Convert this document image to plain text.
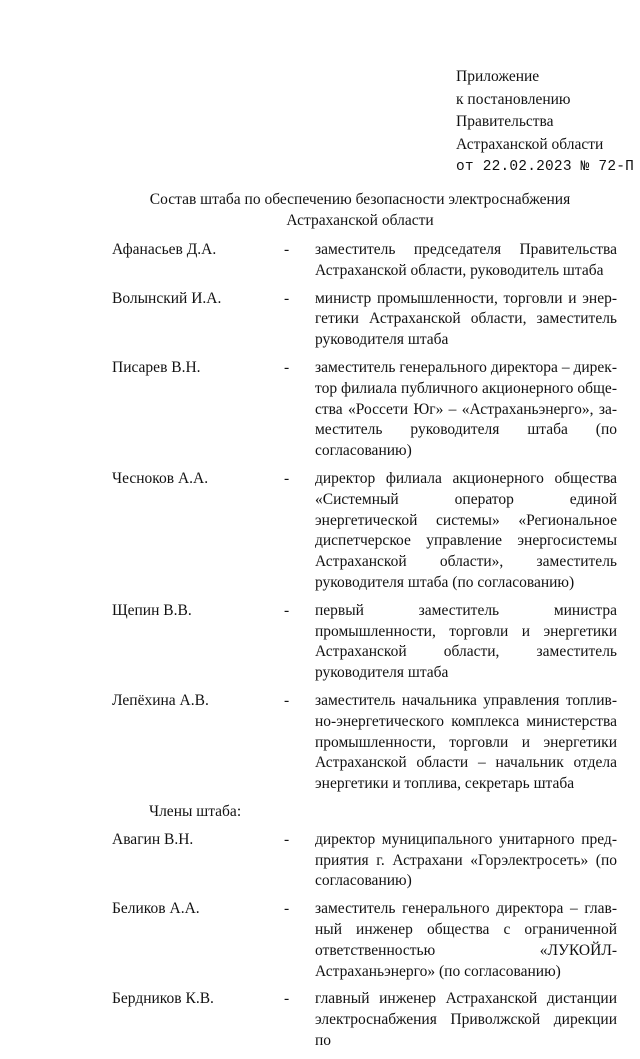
Приложение
к постановлению
Правительства
Астраханской области
от 22.02.2023 № 72-П
Состав штаба по обеспечению безопасности электроснабжения
Астраханской области
Афанасьев Д.А.	-	заместитель председателя Правительства Астраханской области, руководитель штаба
Волынский И.А.	-	министр промышленности, торговли и энергетики Астраханской области, заместитель руководителя штаба
Писарев В.Н.	-	заместитель генерального директора – директор филиала публичного акционерного общества «Россети Юг» – «Астраханьэнерго», заместитель руководителя штаба (по согласованию)
Чесноков А.А.	-	директор филиала акционерного общества «Системный оператор единой энергетической системы» «Региональное диспетчерское управление энергосистемы Астраханской области», заместитель руководителя штаба (по согласованию)
Щепин В.В.	-	первый заместитель министра промышленности, торговли и энергетики Астраханской области, заместитель руководителя штаба
Лепёхина А.В.	-	заместитель начальника управления топливно-энергетического комплекса министерства промышленности, торговли и энергетики Астраханской области – начальник отдела энергетики и топлива, секретарь штаба
Члены штаба:
Авагин В.Н.	-	директор муниципального унитарного предприятия г. Астрахани «Горэлектросеть» (по согласованию)
Беликов А.А.	-	заместитель генерального директора – главный инженер общества с ограниченной ответственностью «ЛУКОЙЛ-Астраханьэнерго» (по согласованию)
Бердников К.В.	-	главный инженер Астраханской дистанции электроснабжения Приволжской дирекции по
